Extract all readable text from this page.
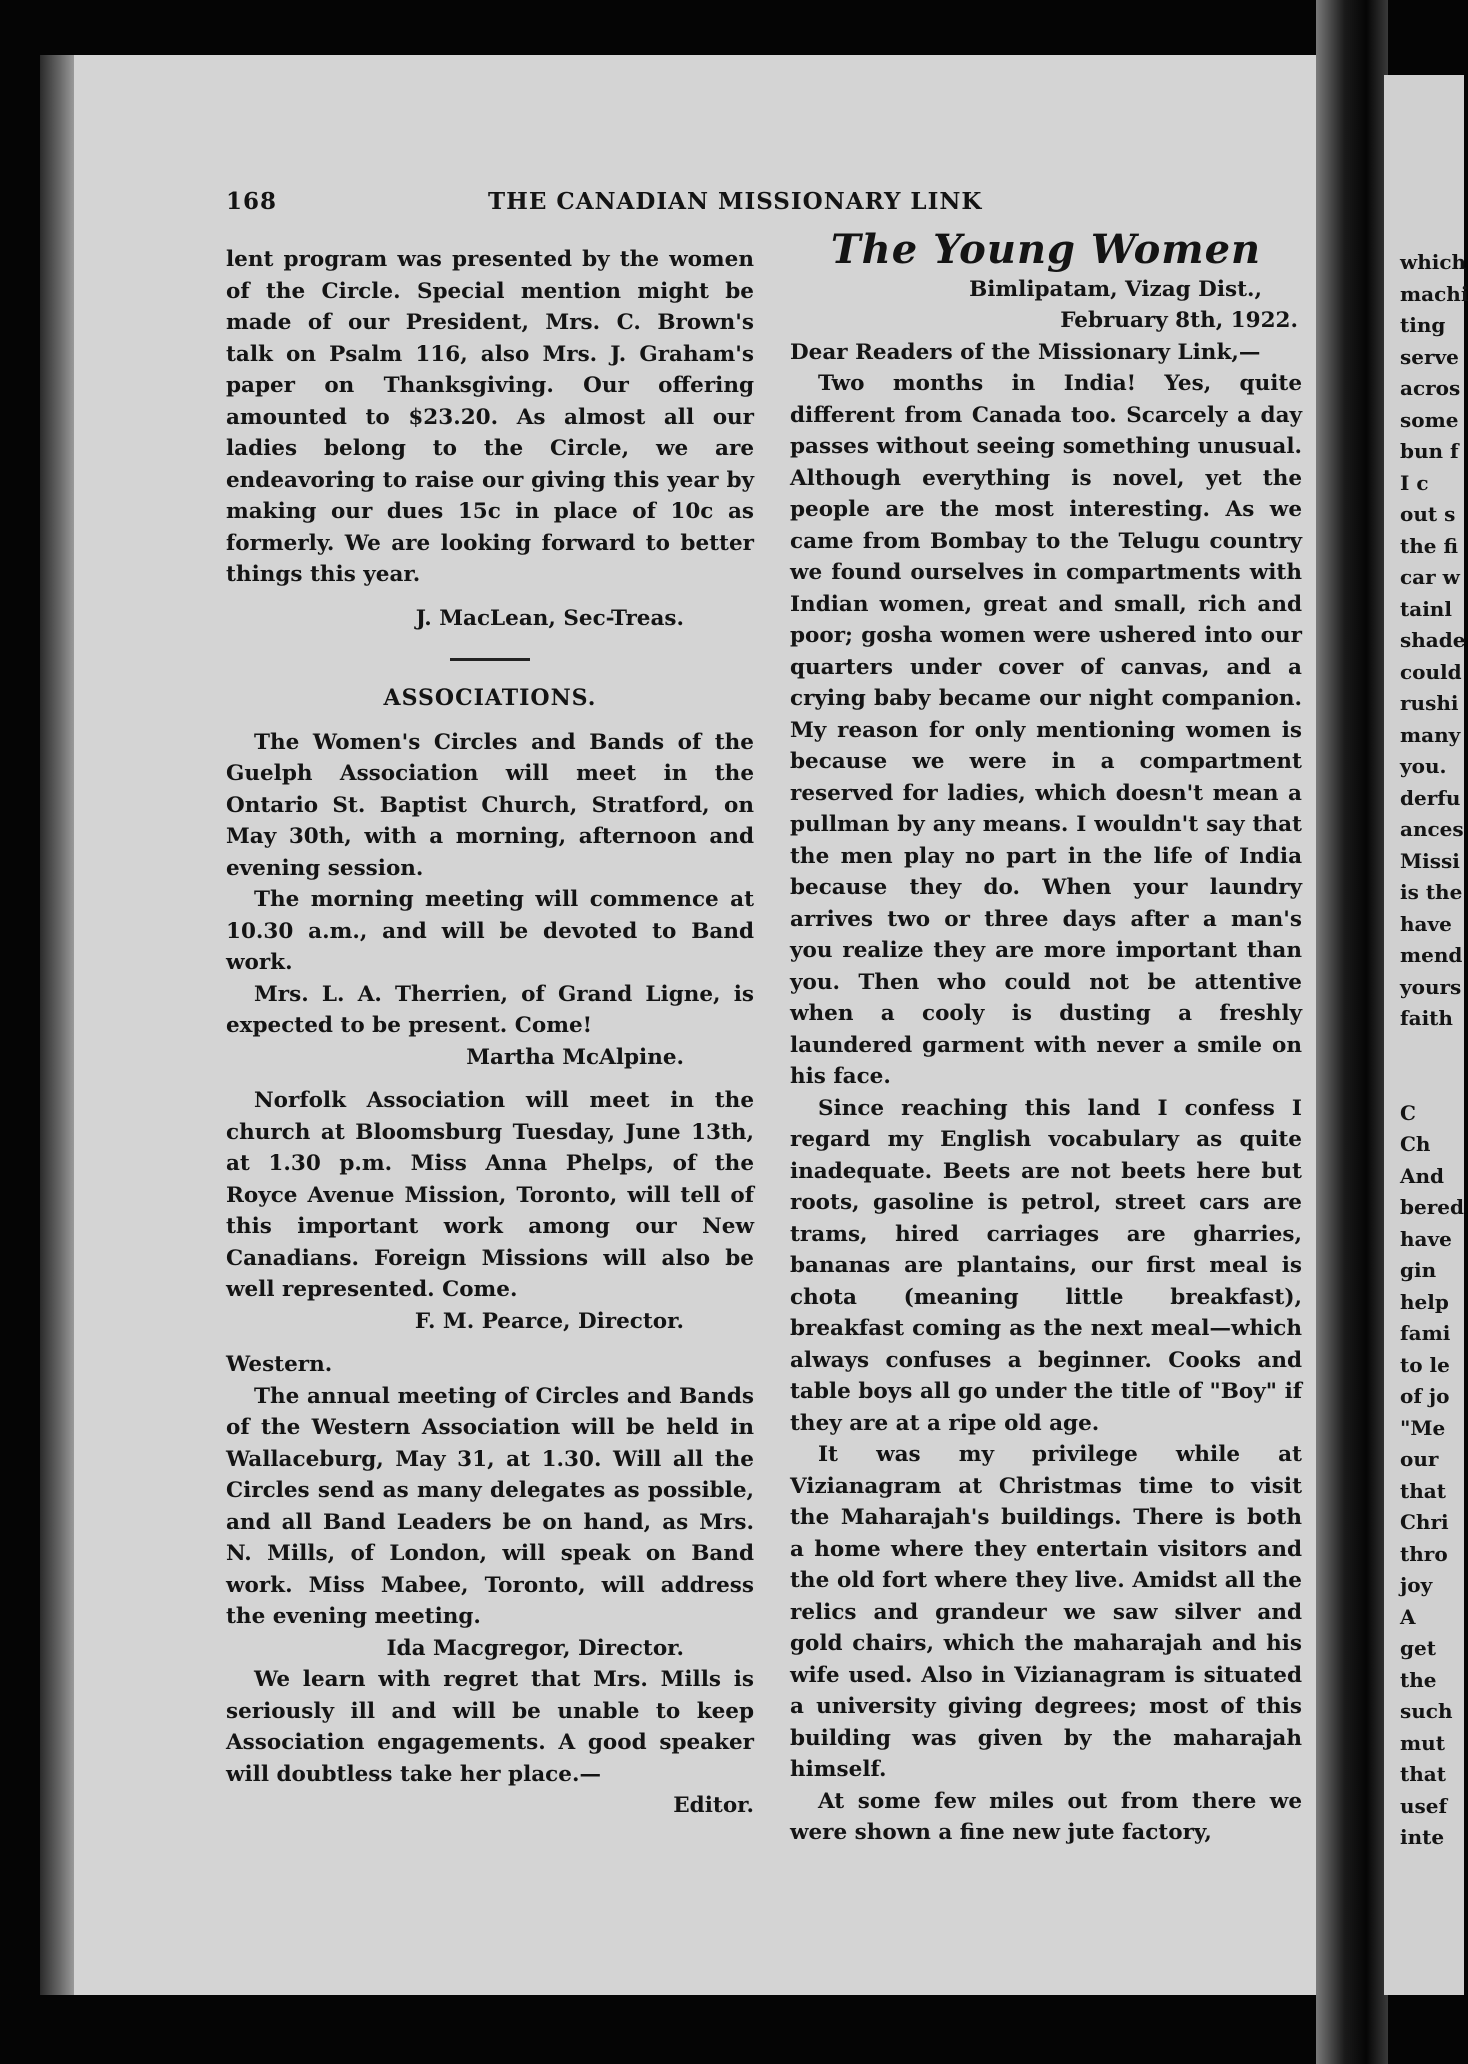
which
machi
ting
serve
acros
some
bun f
I c
out s
the fi
car w
tainl
shade
could
rushi
many
you.
derfu
ances
Missi
is the
have
mend
yours
faith

C
Ch
And
bered
have
gin
help
fami
to le
of jo
"Me
our
that
Chri
thro
joy
A
get
the
such
mut
that
usef
inte
168	THE CANADIAN MISSIONARY LINK

lent program was presented by the women of the Circle. Special mention might be made of our President, Mrs. C. Brown's talk on Psalm 116, also Mrs. J. Graham's paper on Thanksgiving. Our offering amounted to $23.20. As almost all our ladies belong to the Circle, we are endeavoring to raise our giving this year by making our dues 15c in place of 10c as formerly. We are looking forward to better things this year.

J. MacLean, Sec-Treas.

ASSOCIATIONS.

The Women's Circles and Bands of the Guelph Association will meet in the Ontario St. Baptist Church, Stratford, on May 30th, with a morning, afternoon and evening session.

The morning meeting will commence at 10.30 a.m., and will be devoted to Band work.

Mrs. L. A. Therrien, of Grand Ligne, is expected to be present. Come!

Martha McAlpine.

Norfolk Association will meet in the church at Bloomsburg Tuesday, June 13th, at 1.30 p.m. Miss Anna Phelps, of the Royce Avenue Mission, Toronto, will tell of this important work among our New Canadians. Foreign Missions will also be well represented. Come.

F. M. Pearce, Director.

Western.

The annual meeting of Circles and Bands of the Western Association will be held in Wallaceburg, May 31, at 1.30. Will all the Circles send as many delegates as possible, and all Band Leaders be on hand, as Mrs. N. Mills, of London, will speak on Band work. Miss Mabee, Toronto, will address the evening meeting.

Ida Macgregor, Director.

We learn with regret that Mrs. Mills is seriously ill and will be unable to keep Association engagements. A good speaker will doubtless take her place.—

Editor.

The Young Women

Bimlipatam, Vizag Dist.,

February 8th, 1922.

Dear Readers of the Missionary Link,—

Two months in India! Yes, quite different from Canada too. Scarcely a day passes without seeing something unusual. Although everything is novel, yet the people are the most interesting. As we came from Bombay to the Telugu country we found ourselves in compartments with Indian women, great and small, rich and poor; gosha women were ushered into our quarters under cover of canvas, and a crying baby became our night companion. My reason for only mentioning women is because we were in a compartment reserved for ladies, which doesn't mean a pullman by any means. I wouldn't say that the men play no part in the life of India because they do. When your laundry arrives two or three days after a man's you realize they are more important than you. Then who could not be attentive when a cooly is dusting a freshly laundered garment with never a smile on his face.

Since reaching this land I confess I regard my English vocabulary as quite inadequate. Beets are not beets here but roots, gasoline is petrol, street cars are trams, hired carriages are gharries, bananas are plantains, our first meal is chota (meaning little breakfast), breakfast coming as the next meal—which always confuses a beginner. Cooks and table boys all go under the title of "Boy" if they are at a ripe old age.

It was my privilege while at Vizianagram at Christmas time to visit the Maharajah's buildings. There is both a home where they entertain visitors and the old fort where they live. Amidst all the relics and grandeur we saw silver and gold chairs, which the maharajah and his wife used. Also in Vizianagram is situated a university giving degrees; most of this building was given by the maharajah himself.

At some few miles out from there we were shown a fine new jute factory,
